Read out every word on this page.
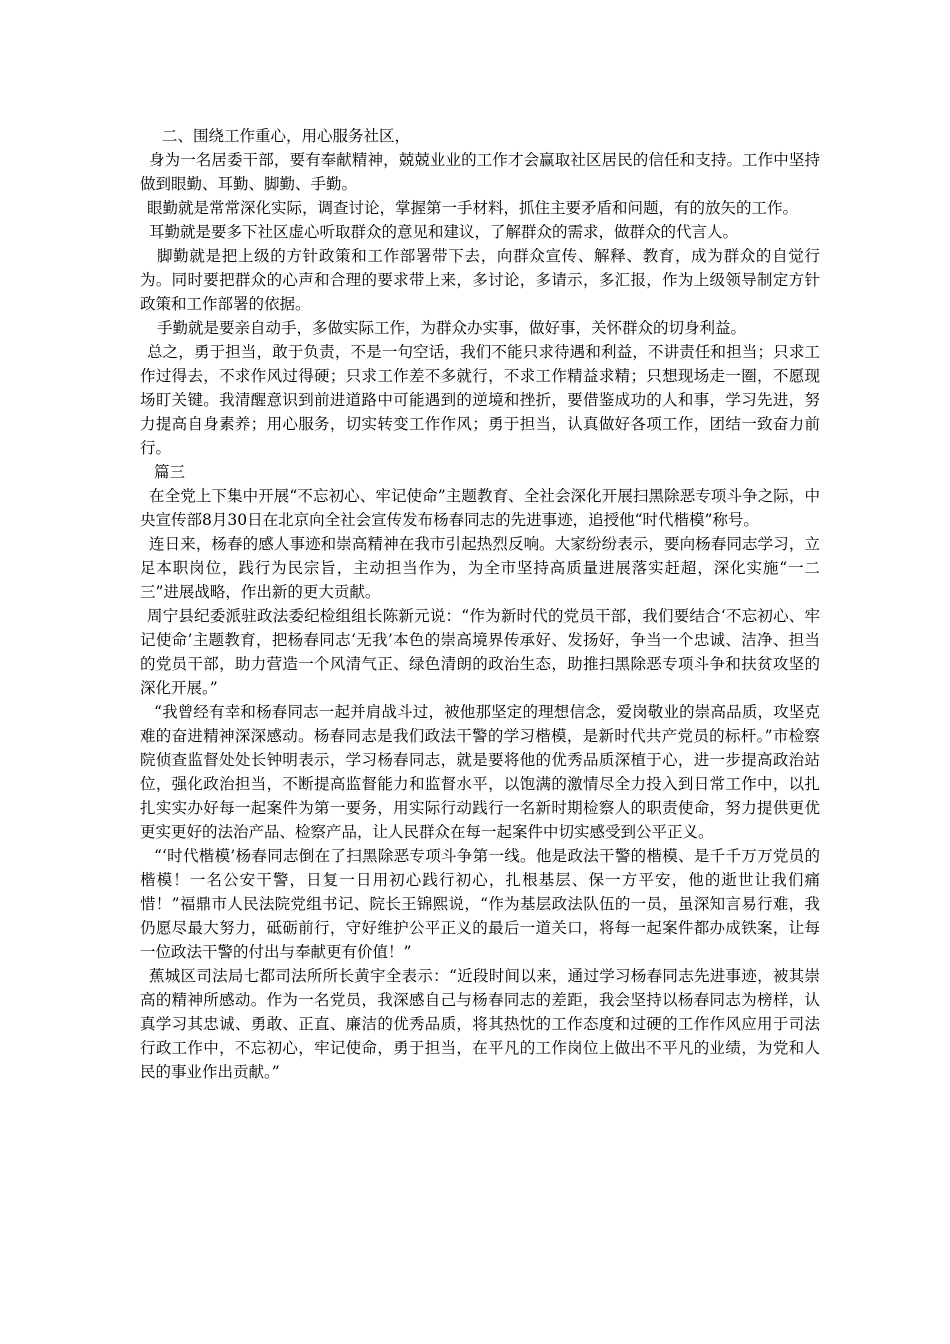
二、围绕工作重心，用心服务社区，

身为一名居委干部，要有奉献精神，兢兢业业的工作才会赢取社区居民的信任和支持。工作中坚持做到眼勤、耳勤、脚勤、手勤。

眼勤就是常常深化实际，调查讨论，掌握第一手材料，抓住主要矛盾和问题，有的放矢的工作。

耳勤就是要多下社区虚心听取群众的意见和建议，了解群众的需求，做群众的代言人。

脚勤就是把上级的方针政策和工作部署带下去，向群众宣传、解释、教育，成为群众的自觉行为。同时要把群众的心声和合理的要求带上来，多讨论，多请示，多汇报，作为上级领导制定方针政策和工作部署的依据。

手勤就是要亲自动手，多做实际工作，为群众办实事，做好事，关怀群众的切身利益。

总之，勇于担当，敢于负责，不是一句空话，我们不能只求待遇和利益，不讲责任和担当；只求工作过得去，不求作风过得硬；只求工作差不多就行，不求工作精益求精；只想现场走一圈，不愿现场盯关键。我清醒意识到前进道路中可能遇到的逆境和挫折，要借鉴成功的人和事，学习先进，努力提高自身素养；用心服务，切实转变工作作风；勇于担当，认真做好各项工作，团结一致奋力前行。

篇三

在全党上下集中开展“不忘初心、牢记使命”主题教育、全社会深化开展扫黑除恶专项斗争之际，中央宣传部8月30日在北京向全社会宣传发布杨春同志的先进事迹，追授他“时代楷模”称号。

连日来，杨春的感人事迹和崇高精神在我市引起热烈反响。大家纷纷表示，要向杨春同志学习，立足本职岗位，践行为民宗旨，主动担当作为，为全市坚持高质量进展落实赶超，深化实施“一二三”进展战略，作出新的更大贡献。

周宁县纪委派驻政法委纪检组组长陈新元说：“作为新时代的党员干部，我们要结合‘不忘初心、牢记使命’主题教育，把杨春同志‘无我’本色的崇高境界传承好、发扬好，争当一个忠诚、洁净、担当的党员干部，助力营造一个风清气正、绿色清朗的政治生态，助推扫黑除恶专项斗争和扶贫攻坚的深化开展。”

“我曾经有幸和杨春同志一起并肩战斗过，被他那坚定的理想信念，爱岗敬业的崇高品质，攻坚克难的奋进精神深深感动。杨春同志是我们政法干警的学习楷模，是新时代共产党员的标杆。”市检察院侦查监督处处长钟明表示，学习杨春同志，就是要将他的优秀品质深植于心，进一步提高政治站位，强化政治担当，不断提高监督能力和监督水平，以饱满的激情尽全力投入到日常工作中，以扎扎实实办好每一起案件为第一要务，用实际行动践行一名新时期检察人的职责使命，努力提供更优更实更好的法治产品、检察产品，让人民群众在每一起案件中切实感受到公平正义。

“‘时代楷模’杨春同志倒在了扫黑除恶专项斗争第一线。他是政法干警的楷模、是千千万万党员的楷模！一名公安干警，日复一日用初心践行初心，扎根基层、保一方平安，他的逝世让我们痛惜！”福鼎市人民法院党组书记、院长王锦熙说，“作为基层政法队伍的一员，虽深知言易行难，我仍愿尽最大努力，砥砺前行，守好维护公平正义的最后一道关口，将每一起案件都办成铁案，让每一位政法干警的付出与奉献更有价值！”

蕉城区司法局七都司法所所长黄宇全表示：“近段时间以来，通过学习杨春同志先进事迹，被其崇高的精神所感动。作为一名党员，我深感自己与杨春同志的差距，我会坚持以杨春同志为榜样，认真学习其忠诚、勇敢、正直、廉洁的优秀品质，将其热忱的工作态度和过硬的工作作风应用于司法行政工作中，不忘初心，牢记使命，勇于担当，在平凡的工作岗位上做出不平凡的业绩，为党和人民的事业作出贡献。”
